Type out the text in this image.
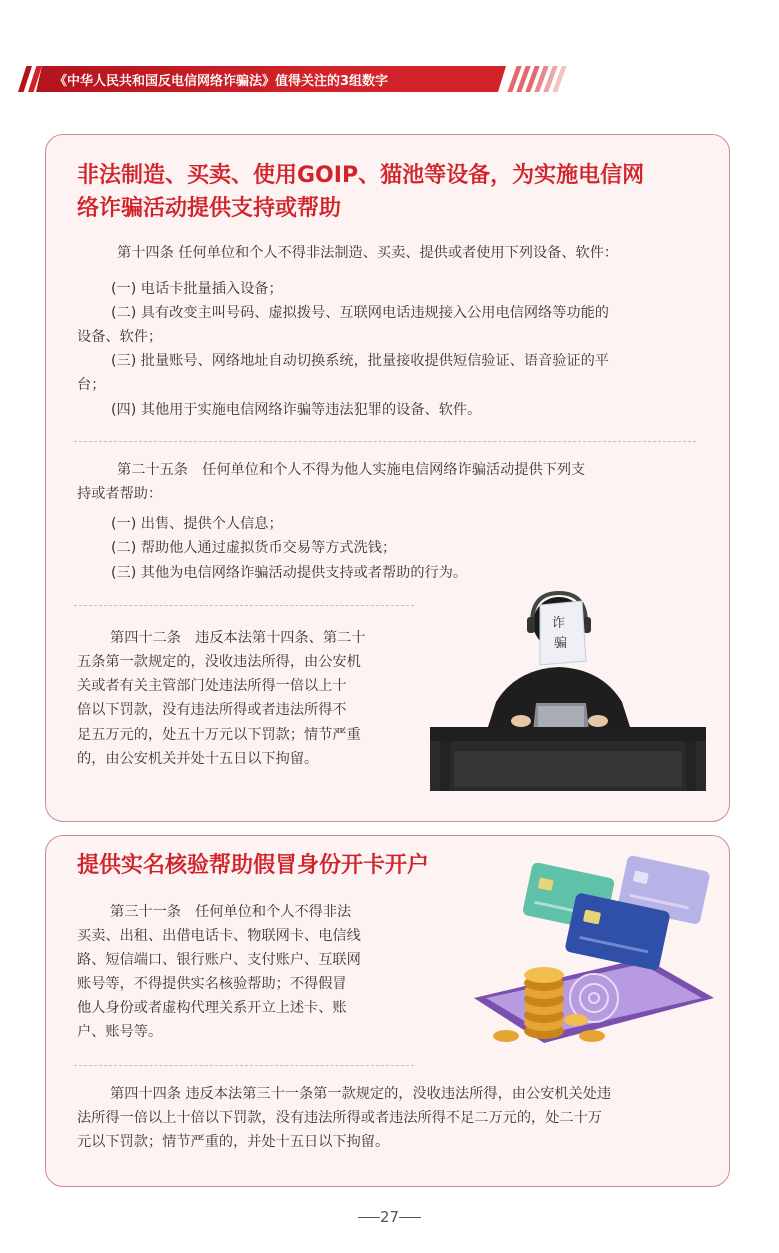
《中华人民共和国反电信网络诈骗法》值得关注的3组数字
非法制造、买卖、使用GOIP、猫池等设备，为实施电信网
络诈骗活动提供支持或帮助
第十四条 任何单位和个人不得非法制造、买卖、提供或者使用下列设备、软件：
(一) 电话卡批量插入设备；
(二) 具有改变主叫号码、虚拟拨号、互联网电话违规接入公用电信网络等功能的
设备、软件；
(三) 批量账号、网络地址自动切换系统，批量接收提供短信验证、语音验证的平
台；
(四) 其他用于实施电信网络诈骗等违法犯罪的设备、软件。
第二十五条　任何单位和个人不得为他人实施电信网络诈骗活动提供下列支
持或者帮助：
(一) 出售、提供个人信息；
(二) 帮助他人通过虚拟货币交易等方式洗钱；
(三) 其他为电信网络诈骗活动提供支持或者帮助的行为。
第四十二条　违反本法第十四条、第二十
五条第一款规定的，没收违法所得，由公安机
关或者有关主管部门处违法所得一倍以上十
倍以下罚款，没有违法所得或者违法所得不
足五万元的，处五十万元以下罚款；情节严重
的，由公安机关并处十五日以下拘留。
诈
骗
提供实名核验帮助假冒身份开卡开户
第三十一条　任何单位和个人不得非法
买卖、出租、出借电话卡、物联网卡、电信线
路、短信端口、银行账户、支付账户、互联网
账号等，不得提供实名核验帮助；不得假冒
他人身份或者虚构代理关系开立上述卡、账
户、账号等。
第四十四条 违反本法第三十一条第一款规定的，没收违法所得，由公安机关处违
法所得一倍以上十倍以下罚款，没有违法所得或者违法所得不足二万元的，处二十万
元以下罚款；情节严重的，并处十五日以下拘留。
27
